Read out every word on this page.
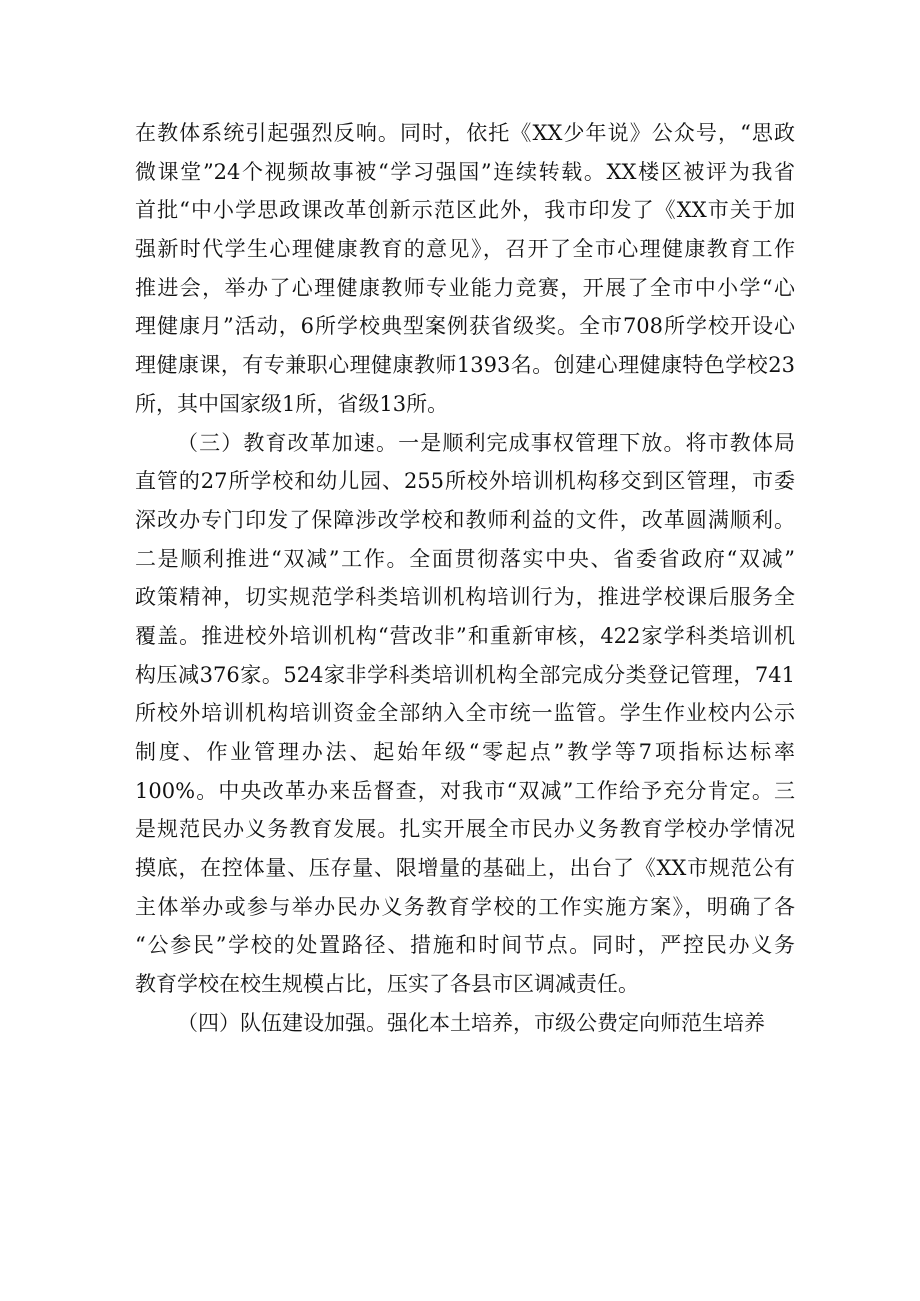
在教体系统引起强烈反响。同时，依托《XX少年说》公众号，“思政
微课堂”24个视频故事被“学习强国”连续转载。XX楼区被评为我省
首批“中小学思政课改革创新示范区此外，我市印发了《XX市关于加
强新时代学生心理健康教育的意见》，召开了全市心理健康教育工作
推进会，举办了心理健康教师专业能力竞赛，开展了全市中小学“心
理健康月”活动，6所学校典型案例获省级奖。全市708所学校开设心
理健康课，有专兼职心理健康教师1393名。创建心理健康特色学校23
所，其中国家级1所，省级13所。
（三）教育改革加速。一是顺利完成事权管理下放。将市教体局
直管的27所学校和幼儿园、255所校外培训机构移交到区管理，市委
深改办专门印发了保障涉改学校和教师利益的文件，改革圆满顺利。
二是顺利推进“双减”工作。全面贯彻落实中央、省委省政府“双减”
政策精神，切实规范学科类培训机构培训行为，推进学校课后服务全
覆盖。推进校外培训机构“营改非”和重新审核，422家学科类培训机
构压减376家。524家非学科类培训机构全部完成分类登记管理，741
所校外培训机构培训资金全部纳入全市统一监管。学生作业校内公示
制度、作业管理办法、起始年级“零起点”教学等7项指标达标率
100%。中央改革办来岳督查，对我市“双减”工作给予充分肯定。三
是规范民办义务教育发展。扎实开展全市民办义务教育学校办学情况
摸底，在控体量、压存量、限增量的基础上，出台了《XX市规范公有
主体举办或参与举办民办义务教育学校的工作实施方案》，明确了各
“公参民”学校的处置路径、措施和时间节点。同时，严控民办义务
教育学校在校生规模占比，压实了各县市区调减责任。
（四）队伍建设加强。强化本土培养，市级公费定向师范生培养
